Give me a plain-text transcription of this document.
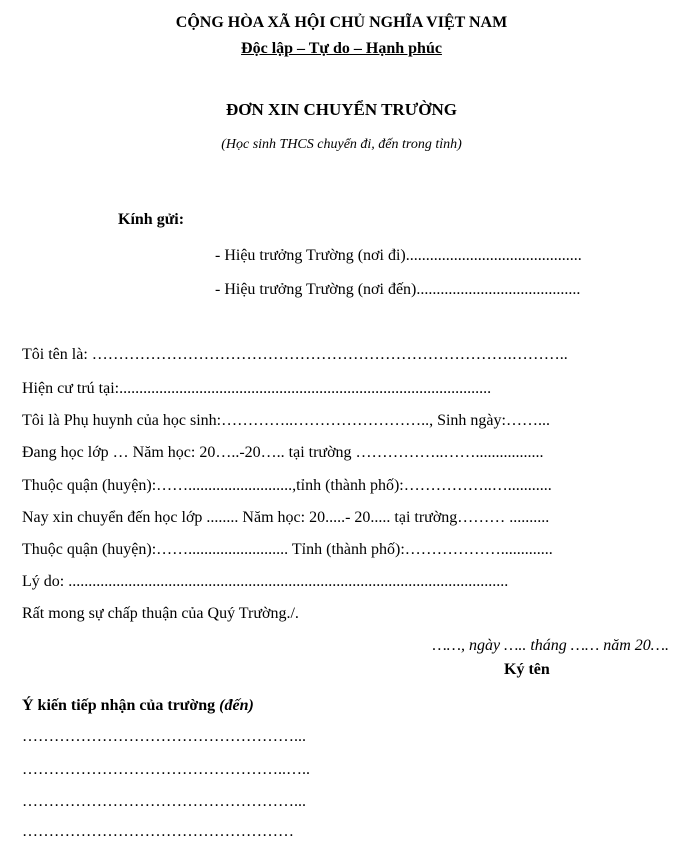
CỘNG HÒA XÃ HỘI CHỦ NGHĨA VIỆT NAM
Độc lập – Tự do – Hạnh phúc
ĐƠN XIN CHUYỂN TRƯỜNG
(Học sinh THCS chuyển đi, đến trong tỉnh)
Kính gửi:
- Hiệu trưởng Trường (nơi đi)............................................
- Hiệu trưởng Trường (nơi đến).........................................
Tôi tên là: …………………………………………………………………….………..
Hiện cư trú tại:.............................................................................................
Tôi là Phụ huynh của học sinh:…………..…………………….., Sinh ngày:……...
Đang học lớp … Năm học: 20…..-20….. tại trường ……………..…….................
Thuộc quận (huyện):……..........................,tỉnh (thành phố):……………..…...........
Nay xin chuyển đến học lớp ........ Năm học: 20.....- 20..... tại trường……… ..........
Thuộc quận (huyện):……......................... Tỉnh (thành phố):……………….............
Lý do: ..............................................................................................................
Rất mong sự chấp thuận của Quý Trường./.
……, ngày ….. tháng …… năm 20….
Ký tên
Ý kiến tiếp nhận của trường (đến)
……………………………………………...
…………………………………………..…..
……………………………………………...
……………………………………………
